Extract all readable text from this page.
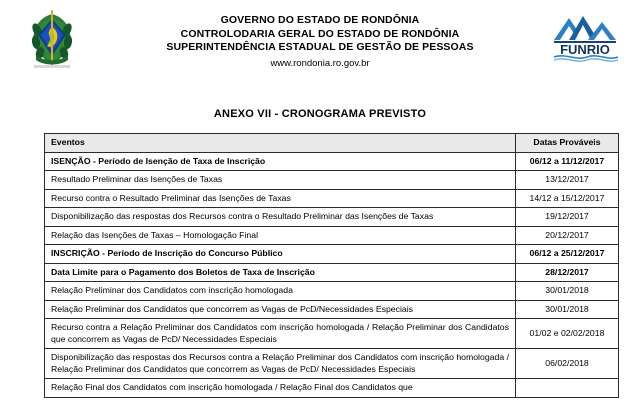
GOVERNO DO ESTADO DE RONDÔNIA
CONTROLODARIA GERAL DO ESTADO DE RONDÔNIA
SUPERINTENDÊNCIA ESTADUAL DE GESTÃO DE PESSOAS
www.rondonia.ro.gov.br
FUNRIO
ANEXO VII - CRONOGRAMA PREVISTO
Eventos	Datas Prováveis
ISENÇÃO - Período de Isenção de Taxa de Inscrição	06/12 a 11/12/2017
Resultado Preliminar das Isenções de Taxas	13/12/2017
Recurso contra o Resultado Preliminar das Isenções de Taxas	14/12 a 15/12/2017
Disponibilização das respostas dos Recursos contra o Resultado Preliminar das Isenções de Taxas	19/12/2017
Relação das Isenções de Taxas – Homologação Final	20/12/2017
INSCRIÇÃO - Período de Inscrição do Concurso Público	06/12 a 25/12/2017
Data Limite para o Pagamento dos Boletos de Taxa de Inscrição	28/12/2017
Relação Preliminar dos Candidatos com inscrição homologada	30/01/2018
Relação Preliminar dos Candidatos que concorrem as Vagas de PcD/Necessidades Especiais	30/01/2018
Recurso contra a Relação Preliminar dos Candidatos com inscrição homologada / Relação Preliminar dos Candidatos que concorrem as Vagas de PcD/ Necessidades Especiais	01/02 e 02/02/2018
Disponibilização das respostas dos Recursos contra a Relação Preliminar dos Candidatos com inscrição homologada / Relação Preliminar dos Candidatos que concorrem as Vagas de PcD/ Necessidades Especiais	06/02/2018
Relação Final dos Candidatos com inscrição homologada / Relação Final dos Candidatos que	
